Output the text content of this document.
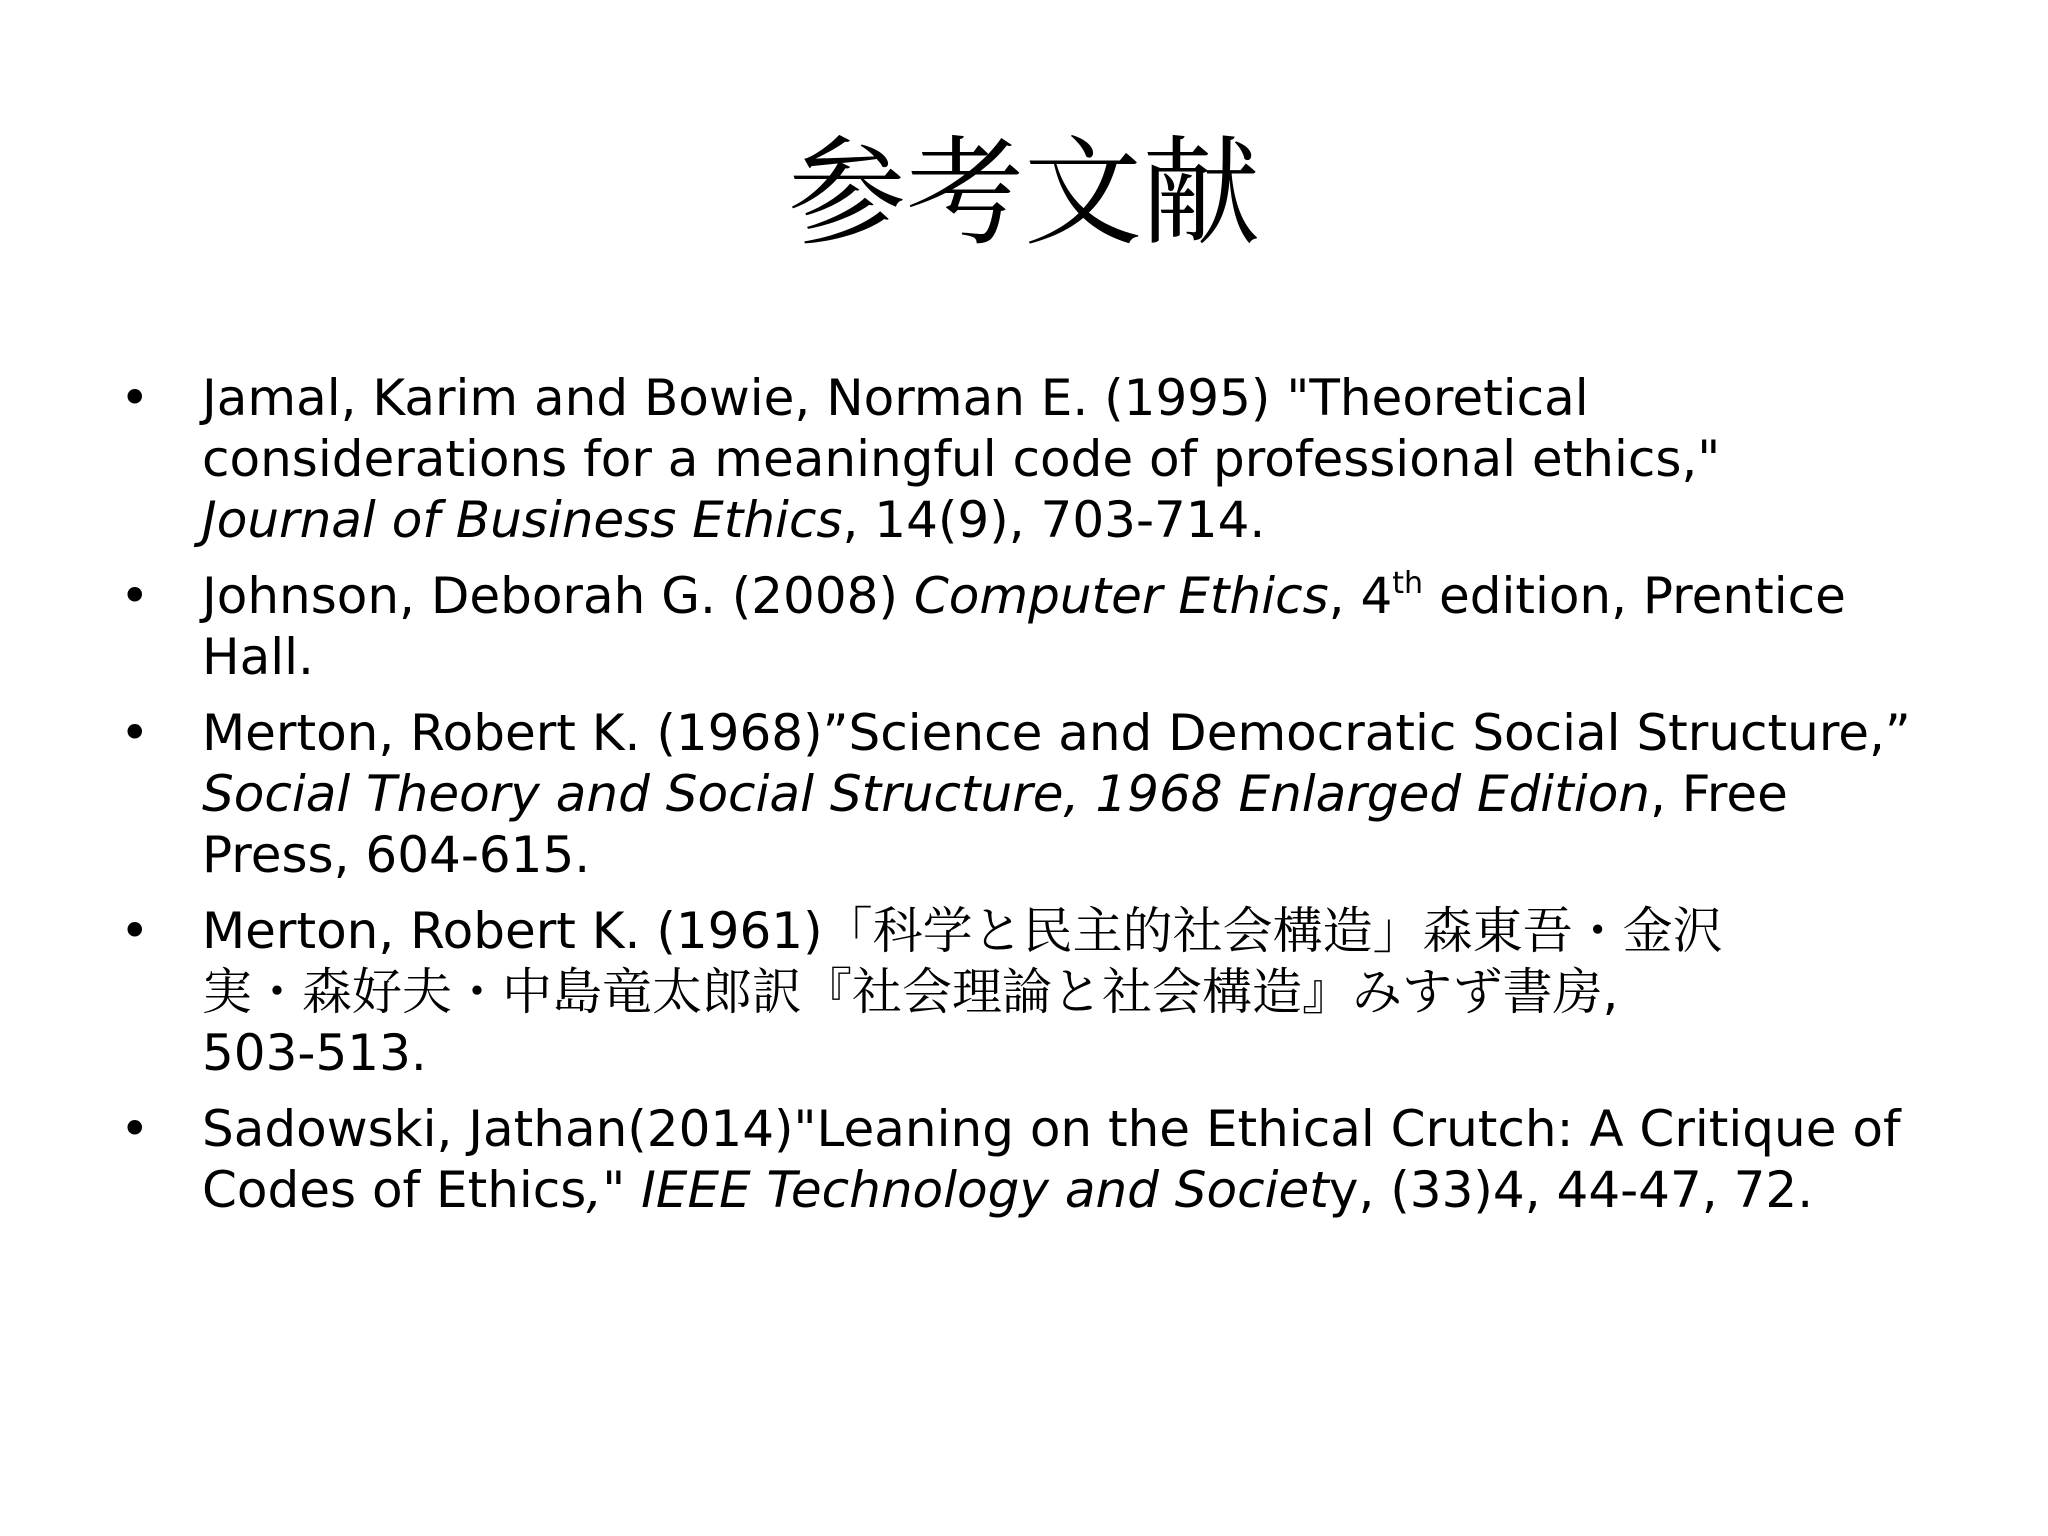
参考文献
• Jamal, Karim and Bowie, Norman E. (1995) "Theoretical
considerations for a meaningful code of professional ethics,"
Journal of Business Ethics, 14(9), 703-714.
• Johnson, Deborah G. (2008) Computer Ethics, 4th edition, Prentice
Hall.
• Merton, Robert K. (1968)”Science and Democratic Social Structure,”
Social Theory and Social Structure, 1968 Enlarged Edition, Free
Press, 604-615.
• Merton, Robert K. (1961)「科学と民主的社会構造」森東吾・金沢
実・森好夫・中島竜太郎訳『社会理論と社会構造』みすず書房,
503-513.
• Sadowski, Jathan(2014)"Leaning on the Ethical Crutch: A Critique of
Codes of Ethics," IEEE Technology and Society, (33)4, 44-47, 72.
